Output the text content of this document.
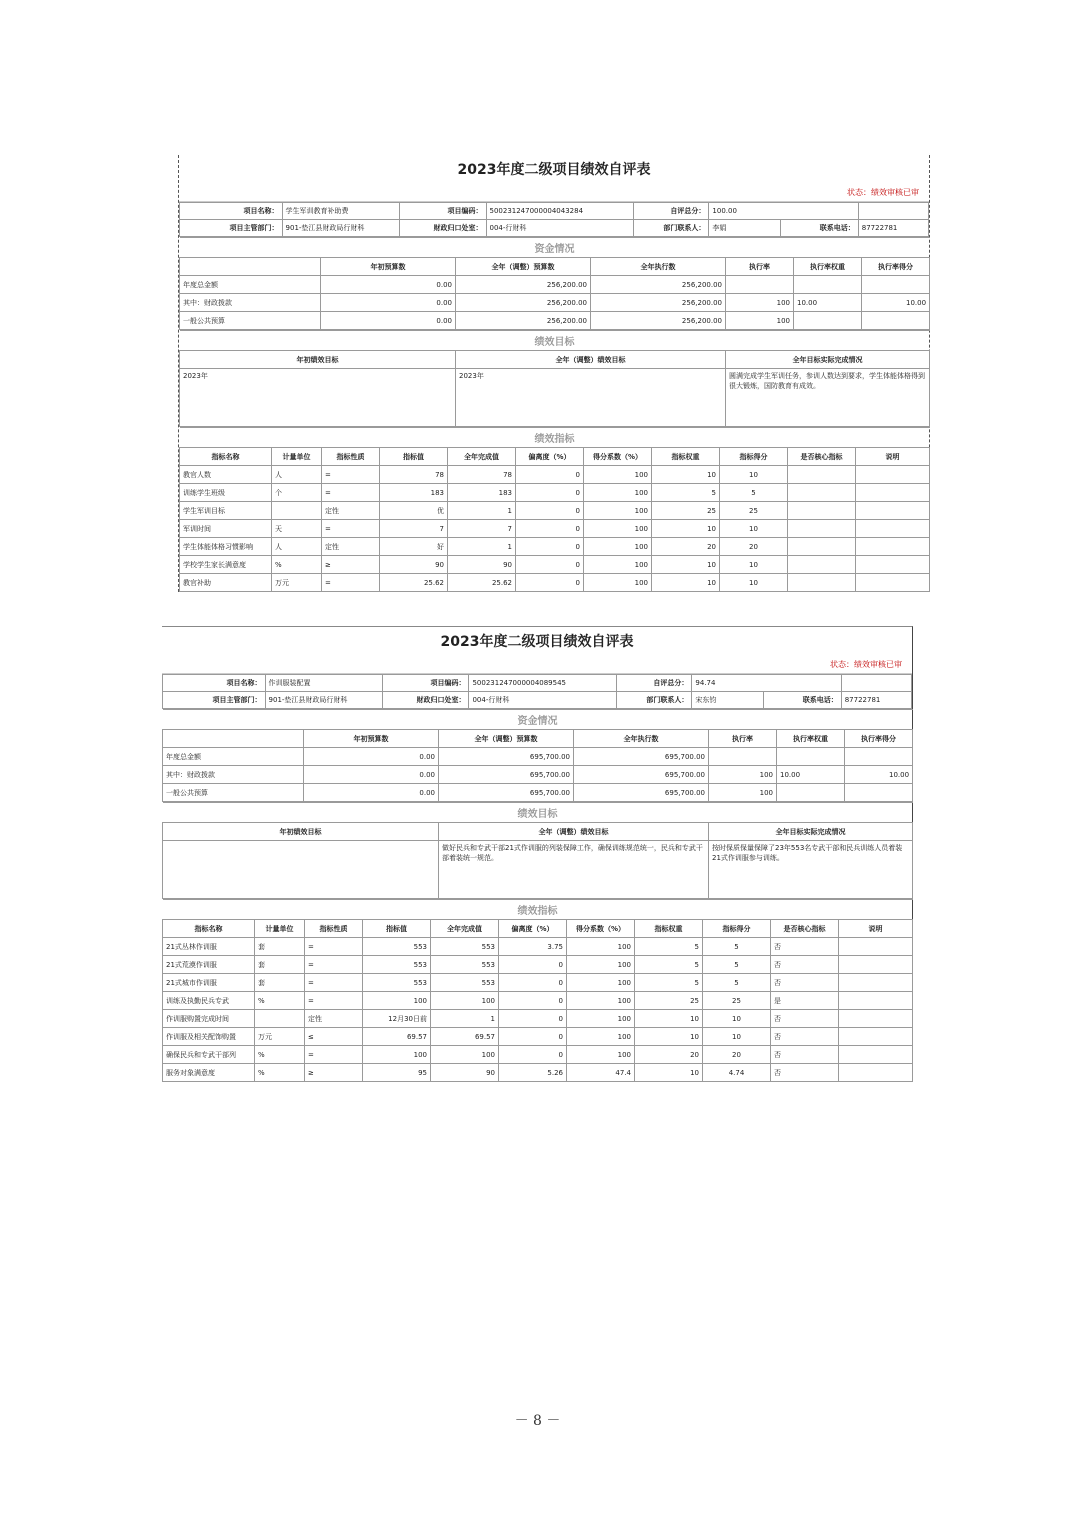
2023年度二级项目绩效自评表
状态：绩效审核已审
项目名称：	学生军训教育补助费	项目编码：	500231247000004043284	自评总分：	100.00		
项目主管部门：	901-垫江县财政局行财科	财政归口处室：	004-行财科	部门联系人：	李娟	联系电话：	87722781
资金情况						
	年初预算数	全年（调整）预算数	全年执行数	执行率	执行率权重	执行率得分
年度总金额	0.00	256,200.00	256,200.00			
其中：财政拨款	0.00	256,200.00	256,200.00	100	10.00	10.00
一般公共预算	0.00	256,200.00	256,200.00	100		
绩效目标		
年初绩效目标	全年（调整）绩效目标	全年目标实际完成情况
2023年	2023年	圆满完成学生军训任务，参训人数达到要求，学生体能体格得到很大锻炼，国防教育有成效。
绩效指标										
指标名称	计量单位	指标性质	指标值	全年完成值	偏离度（%）	得分系数（%）	指标权重	指标得分	是否核心指标	说明
教官人数	人	=	78	78	0	100	10	10		
训练学生班级	个	=	183	183	0	100	5	5		
学生军训目标		定性	优	1	0	100	25	25		
军训时间	天	=	7	7	0	100	10	10		
学生体能体格习惯影响	人	定性	好	1	0	100	20	20		
学校学生家长满意度	%	≥	90	90	0	100	10	10		
教官补助	万元	=	25.62	25.62	0	100	10	10		
2023年度二级项目绩效自评表
状态：绩效审核已审
项目名称：	作训服装配置	项目编码：	500231247000004089545	自评总分：	94.74		
项目主管部门：	901-垫江县财政局行财科	财政归口处室：	004-行财科	部门联系人：	宋东钧	联系电话：	87722781
资金情况						
	年初预算数	全年（调整）预算数	全年执行数	执行率	执行率权重	执行率得分
年度总金额	0.00	695,700.00	695,700.00			
其中：财政拨款	0.00	695,700.00	695,700.00	100	10.00	10.00
一般公共预算	0.00	695,700.00	695,700.00	100		
绩效目标		
年初绩效目标	全年（调整）绩效目标	全年目标实际完成情况
	做好民兵和专武干部21式作训服的列装保障工作，确保训练规范统一，民兵和专武干部着装统一规范。	按时保质保量保障了23年553名专武干部和民兵训练人员着装21式作训服参与训练。
绩效指标										
指标名称	计量单位	指标性质	指标值	全年完成值	偏离度（%）	得分系数（%）	指标权重	指标得分	是否核心指标	说明
21式丛林作训服	套	=	553	553	3.75	100	5	5	否	
21式荒漠作训服	套	=	553	553	0	100	5	5	否	
21式城市作训服	套	=	553	553	0	100	5	5	否	
训练及执勤民兵专武	%	=	100	100	0	100	25	25	是	
作训服购置完成时间		定性	12月30日前	1	0	100	10	10	否	
作训服及相关配饰购置	万元	≤	69.57	69.57	0	100	10	10	否	
确保民兵和专武干部列	%	=	100	100	0	100	20	20	否	
服务对象满意度	%	≥	95	90	5.26	47.4	10	4.74	否	
－ 8 －
